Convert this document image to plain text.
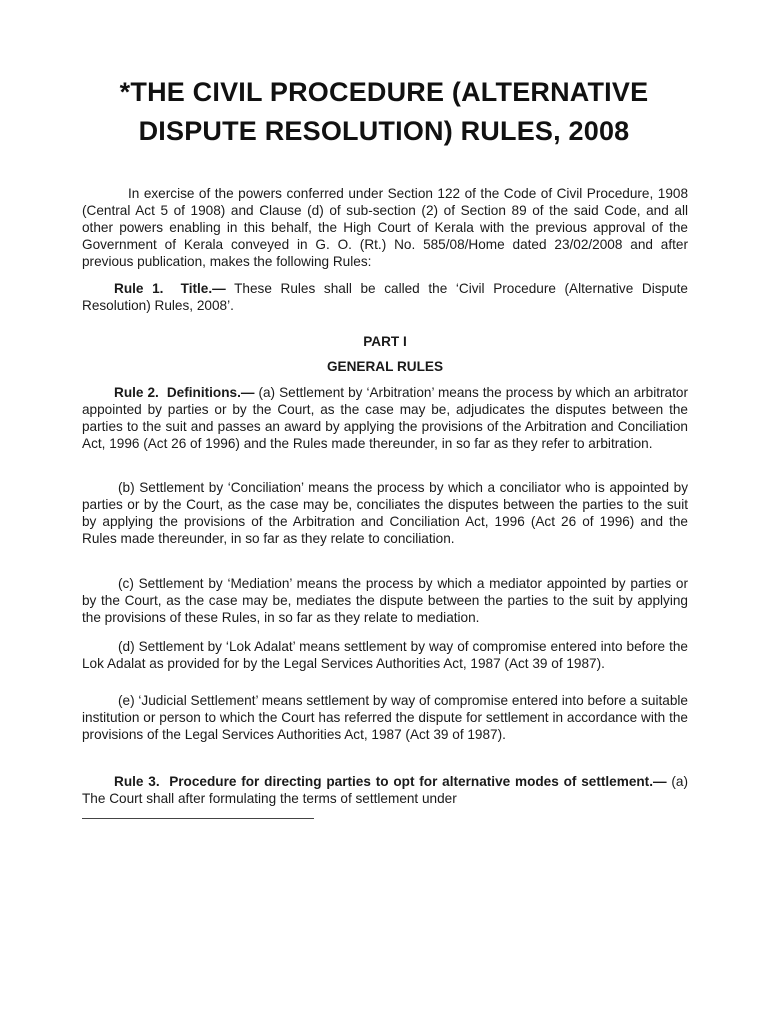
*THE CIVIL PROCEDURE (ALTERNATIVE
DISPUTE RESOLUTION) RULES, 2008

In exercise of the powers conferred under Section 122 of the Code of Civil Procedure, 1908 (Central Act 5 of 1908) and Clause (d) of sub-section (2) of Section 89 of the said Code, and all other powers enabling in this behalf, the High Court of Kerala with the previous approval of the Government of Kerala conveyed in G. O. (Rt.) No. 585/08/Home dated 23/02/2008 and after previous publication, makes the following Rules:

Rule 1. Title.— These Rules shall be called the ‘Civil Procedure (Alternative Dispute Resolution) Rules, 2008’.

PART I
GENERAL RULES

Rule 2. Definitions.— (a) Settlement by ‘Arbitration’ means the process by which an arbitrator appointed by parties or by the Court, as the case may be, adjudicates the disputes between the parties to the suit and passes an award by applying the provisions of the Arbitration and Conciliation Act, 1996 (Act 26 of 1996) and the Rules made thereunder, in so far as they refer to arbitration.

(b) Settlement by ‘Conciliation’ means the process by which a conciliator who is appointed by parties or by the Court, as the case may be, conciliates the disputes between the parties to the suit by applying the provisions of the Arbitration and Conciliation Act, 1996 (Act 26 of 1996) and the Rules made thereunder, in so far as they relate to conciliation.

(c) Settlement by ‘Mediation’ means the process by which a mediator appointed by parties or by the Court, as the case may be, mediates the dispute between the parties to the suit by applying the provisions of these Rules, in so far as they relate to mediation.

(d) Settlement by ‘Lok Adalat’ means settlement by way of compromise entered into before the Lok Adalat as provided for by the Legal Services Authorities Act, 1987 (Act 39 of 1987).

(e) ‘Judicial Settlement’ means settlement by way of compromise entered into before a suitable institution or person to which the Court has referred the dispute for settlement in accordance with the provisions of the Legal Services Authorities Act, 1987 (Act 39 of 1987).

Rule 3. Procedure for directing parties to opt for alternative modes of settlement.— (a) The Court shall after formulating the terms of settlement under
